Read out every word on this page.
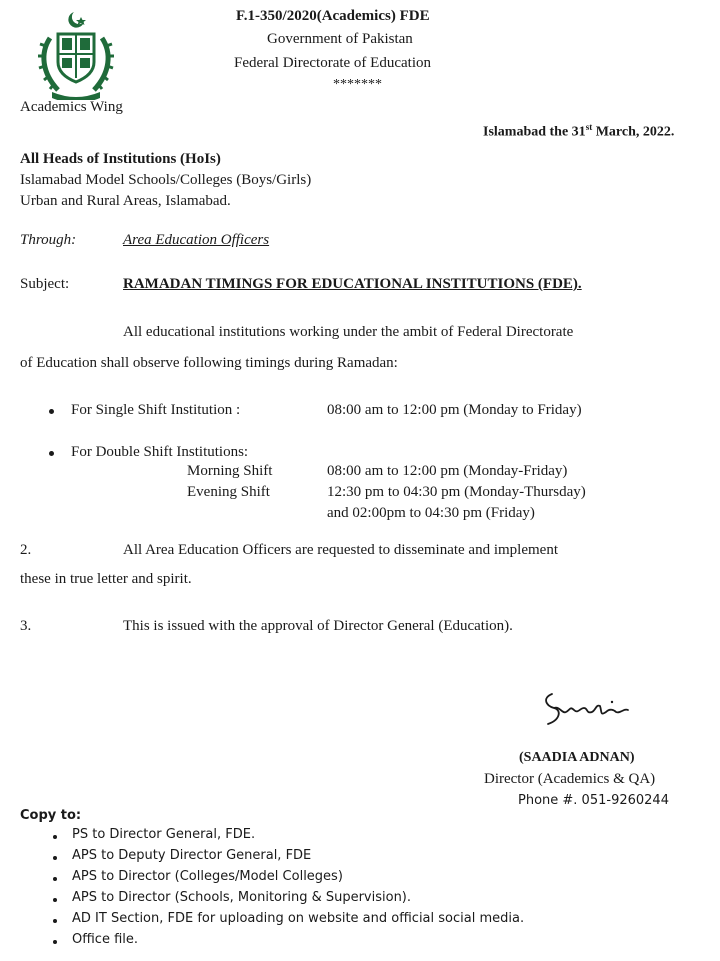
F.1-350/2020(Academics) FDE
Government of Pakistan
Federal Directorate of Education
*******
Academics Wing
Islamabad the 31st March, 2022.
All Heads of Institutions (HoIs)
Islamabad Model Schools/Colleges (Boys/Girls)
Urban and Rural Areas, Islamabad.
Through:	Area Education Officers
Subject:	RAMADAN TIMINGS FOR EDUCATIONAL INSTITUTIONS (FDE).
All educational institutions working under the ambit of Federal Directorate
of Education shall observe following timings during Ramadan:
For Single Shift Institution :	08:00 am to 12:00 pm (Monday to Friday)
For Double Shift Institutions:
Morning Shift	08:00 am to 12:00 pm (Monday-Friday)
Evening Shift	12:30 pm to 04:30 pm (Monday-Thursday)
and 02:00pm to 04:30 pm (Friday)
2.	All Area Education Officers are requested to disseminate and implement
these in true letter and spirit.
3.	This is issued with the approval of Director General (Education).
(SAADIA ADNAN)
Director (Academics & QA)
Phone #. 051-9260244
Copy to:
PS to Director General, FDE.
APS to Deputy Director General, FDE
APS to Director (Colleges/Model Colleges)
APS to Director (Schools, Monitoring & Supervision).
AD IT Section, FDE for uploading on website and official social media.
Office file.
